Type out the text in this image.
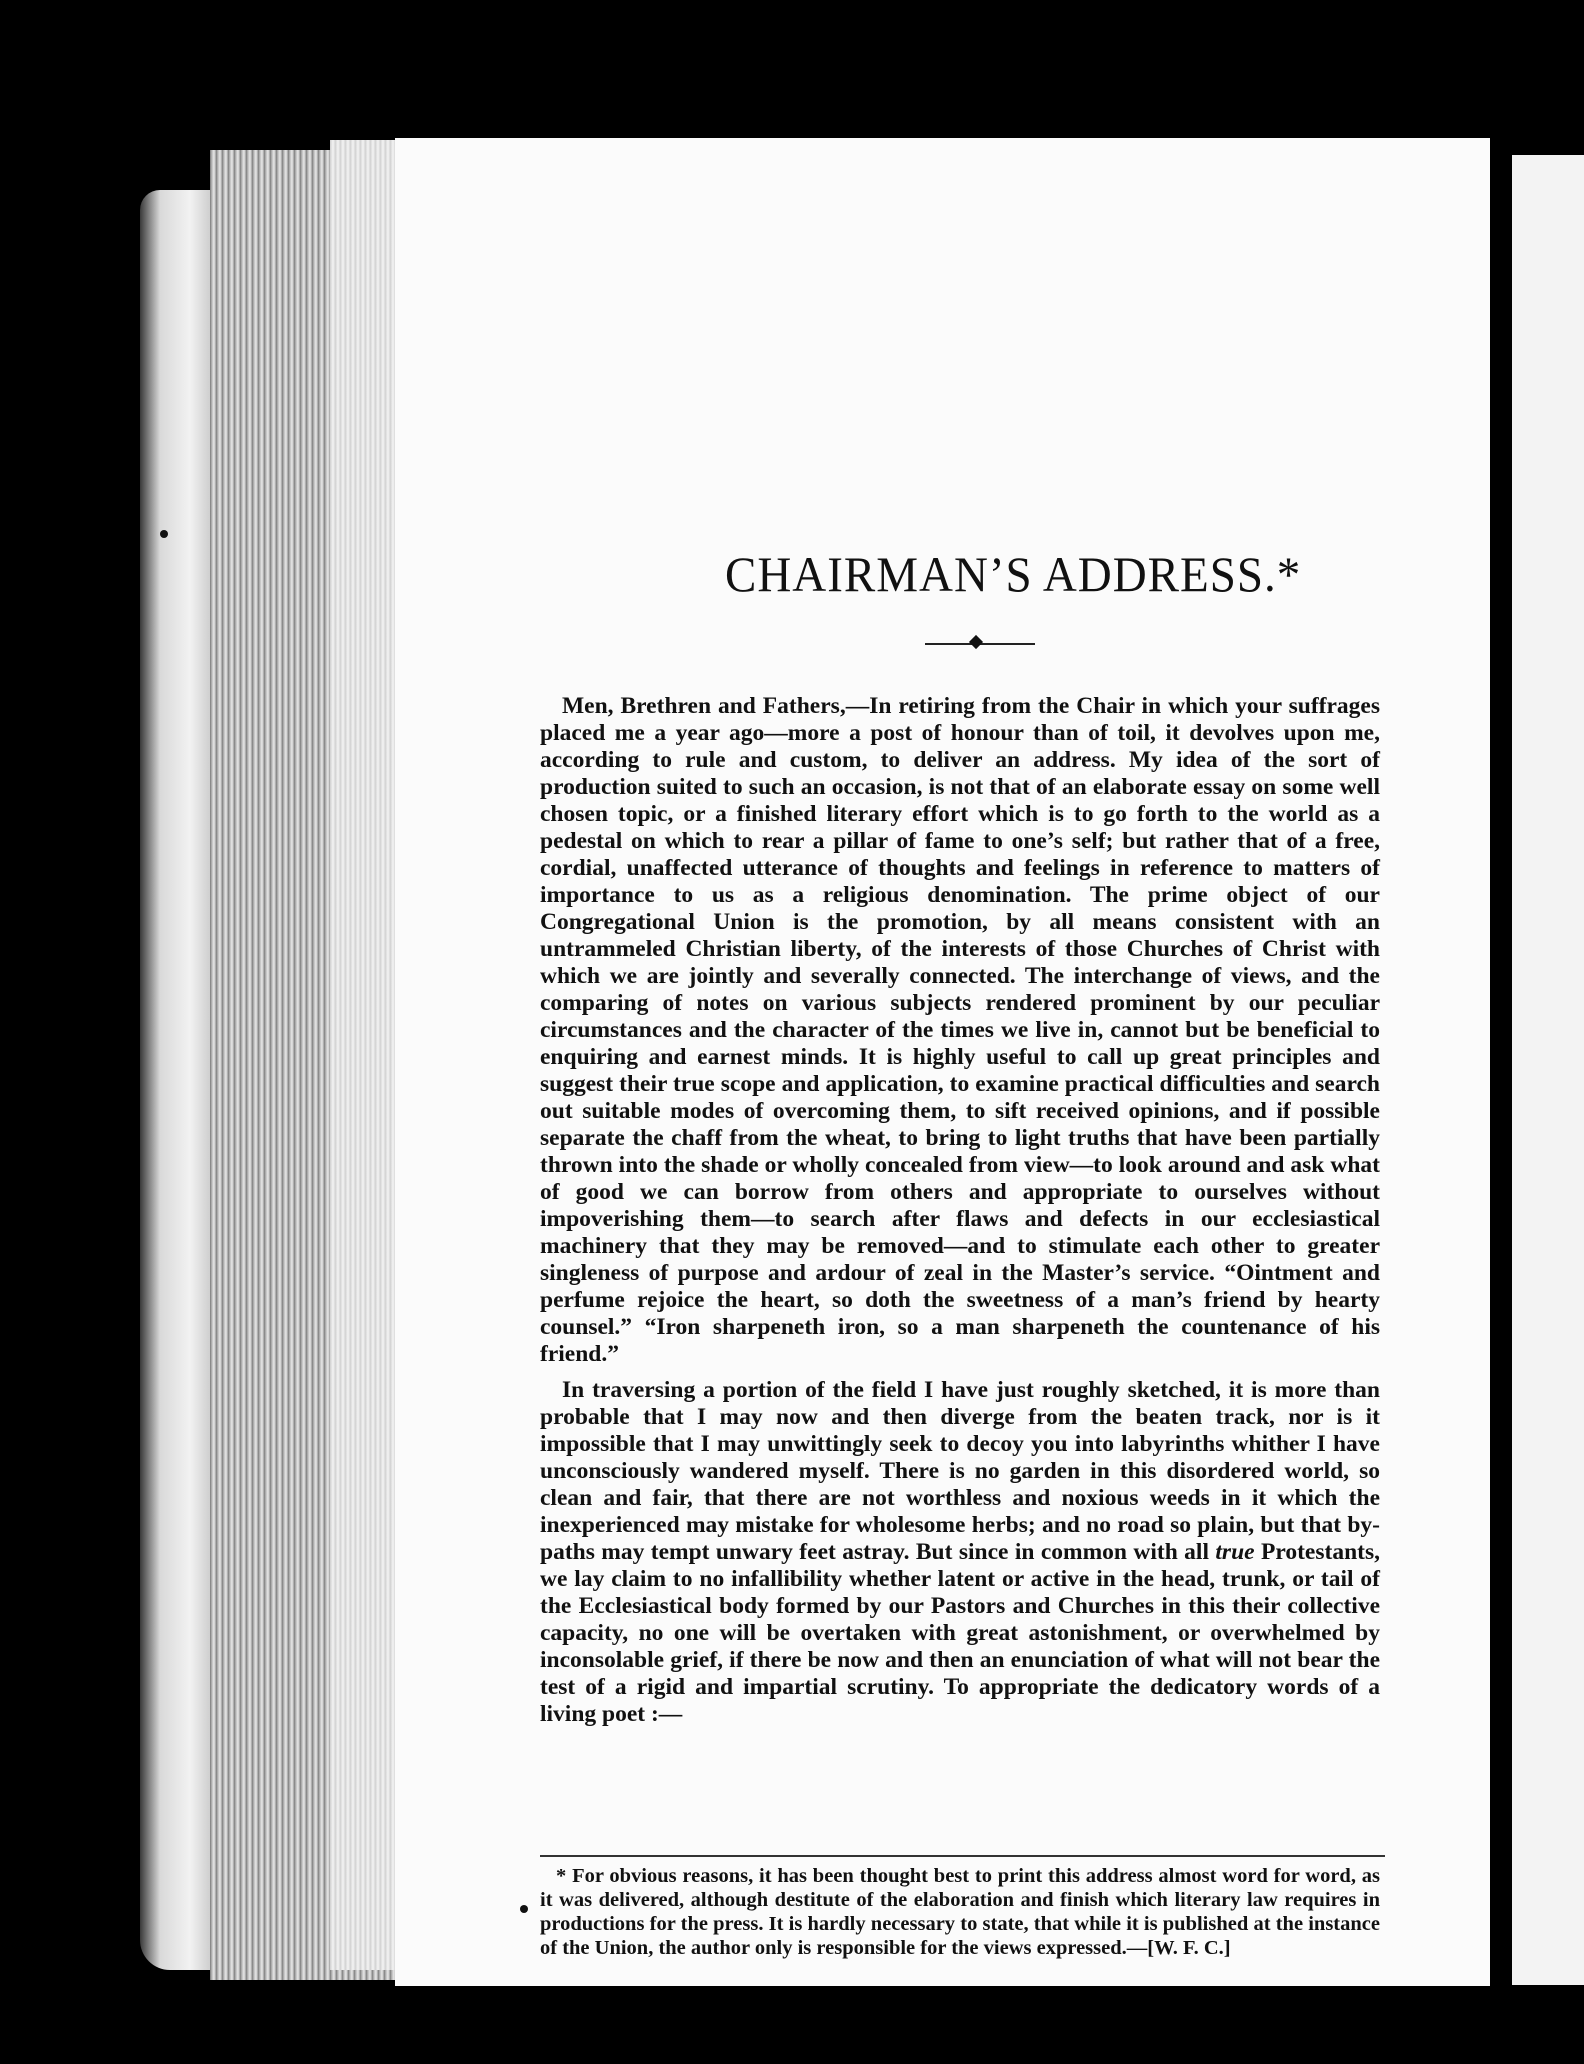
CHAIRMAN’S ADDRESS.*

Men, Brethren and Fathers,—In retiring from the Chair in which your suffrages placed me a year ago—more a post of honour than of toil, it devolves upon me, according to rule and custom, to deliver an address. My idea of the sort of production suited to such an occasion, is not that of an elaborate essay on some well chosen topic, or a finished literary effort which is to go forth to the world as a pedestal on which to rear a pillar of fame to one’s self; but rather that of a free, cordial, unaffected utterance of thoughts and feelings in reference to matters of importance to us as a religious denomination. The prime object of our Congregational Union is the promotion, by all means consistent with an untrammeled Christian liberty, of the interests of those Churches of Christ with which we are jointly and severally connected. The interchange of views, and the comparing of notes on various subjects rendered prominent by our peculiar circumstances and the character of the times we live in, cannot but be beneficial to enquiring and earnest minds. It is highly useful to call up great principles and suggest their true scope and application, to examine practical difficulties and search out suitable modes of overcoming them, to sift received opinions, and if possible separate the chaff from the wheat, to bring to light truths that have been partially thrown into the shade or wholly concealed from view—to look around and ask what of good we can borrow from others and appropriate to ourselves without impoverishing them—to search after flaws and defects in our ecclesiastical machinery that they may be removed—and to stimulate each other to greater singleness of purpose and ardour of zeal in the Master’s service. “Ointment and perfume rejoice the heart, so doth the sweetness of a man’s friend by hearty counsel.” “Iron sharpeneth iron, so a man sharpeneth the countenance of his friend.”

In traversing a portion of the field I have just roughly sketched, it is more than probable that I may now and then diverge from the beaten track, nor is it impossible that I may unwittingly seek to decoy you into labyrinths whither I have unconsciously wandered myself. There is no garden in this disordered world, so clean and fair, that there are not worthless and noxious weeds in it which the inexperienced may mistake for wholesome herbs; and no road so plain, but that by-paths may tempt unwary feet astray. But since in common with all true Protestants, we lay claim to no infallibility whether latent or active in the head, trunk, or tail of the Ecclesiastical body formed by our Pastors and Churches in this their collective capacity, no one will be overtaken with great astonishment, or overwhelmed by inconsolable grief, if there be now and then an enunciation of what will not bear the test of a rigid and impartial scrutiny. To appropriate the dedicatory words of a living poet :—

* For obvious reasons, it has been thought best to print this address almost word for word, as it was delivered, although destitute of the elaboration and finish which literary law requires in productions for the press. It is hardly necessary to state, that while it is published at the instance of the Union, the author only is responsible for the views expressed.—[W. F. C.]
